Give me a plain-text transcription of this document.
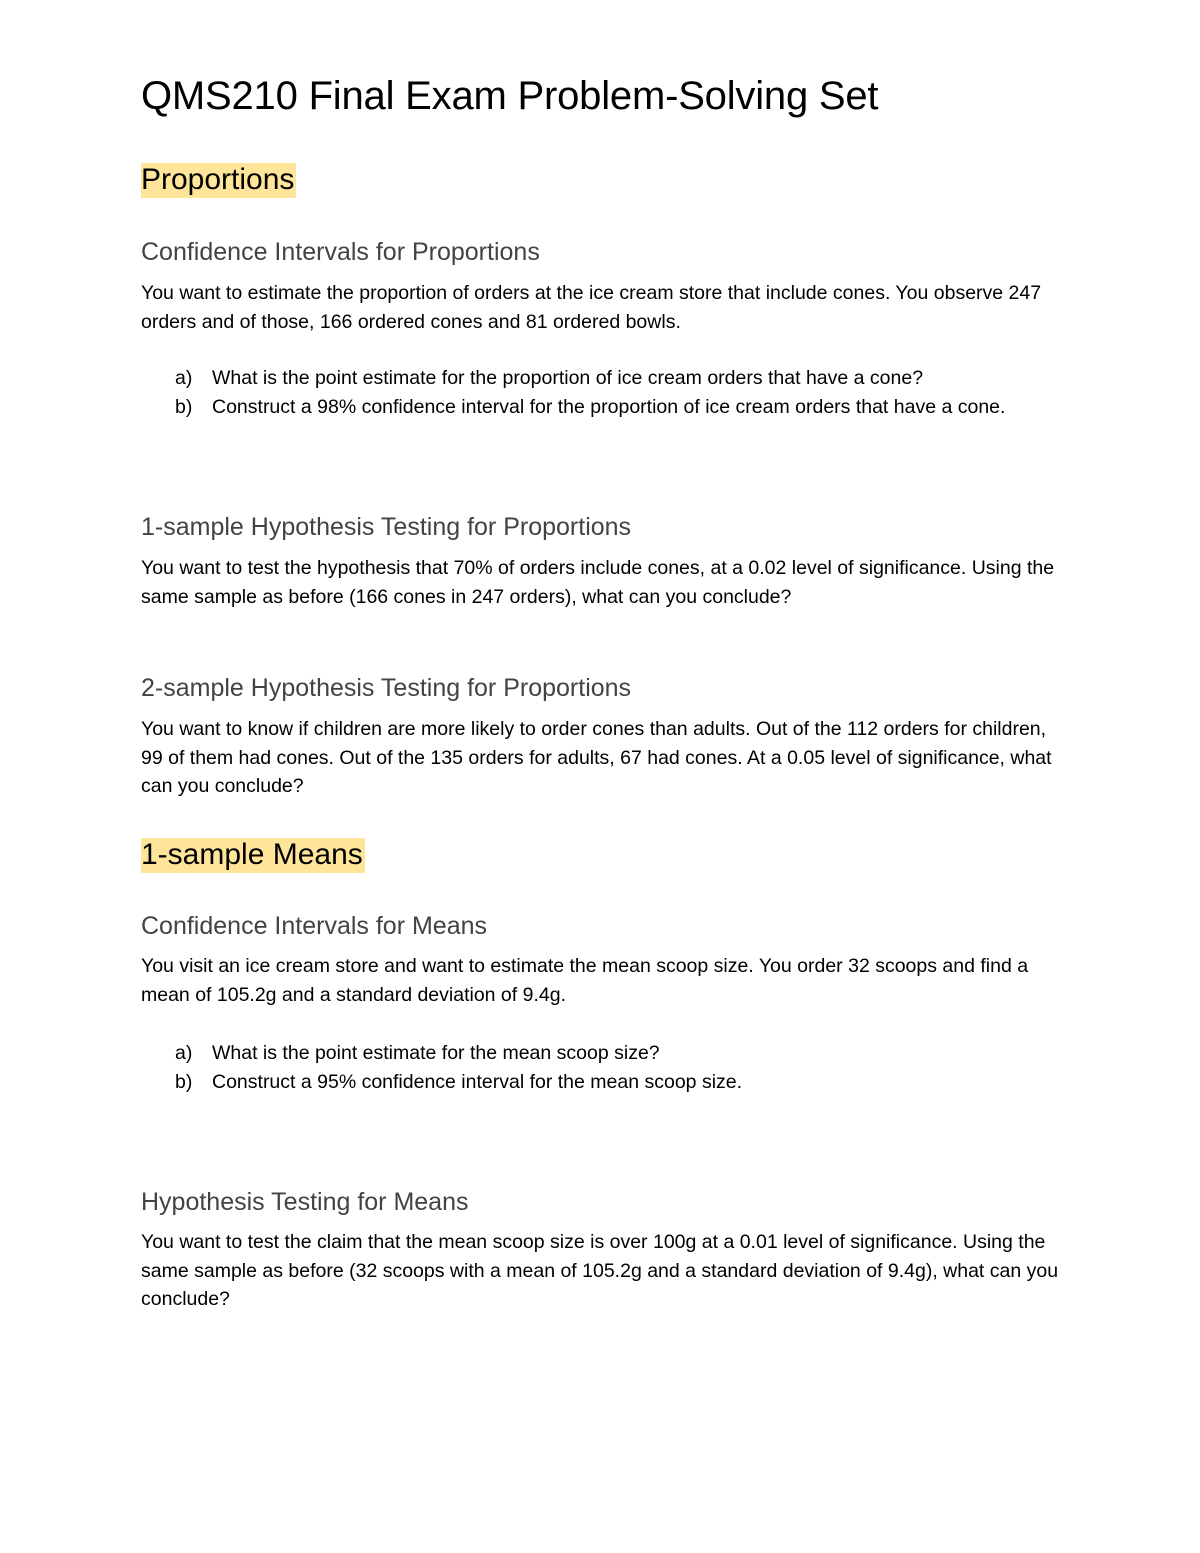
QMS210 Final Exam Problem-Solving Set
Proportions
Confidence Intervals for Proportions

You want to estimate the proportion of orders at the ice cream store that include cones. You observe 247 orders and of those, 166 ordered cones and 81 ordered bowls.

a) What is the point estimate for the proportion of ice cream orders that have a cone?
b) Construct a 98% confidence interval for the proportion of ice cream orders that have a cone.
1-sample Hypothesis Testing for Proportions

You want to test the hypothesis that 70% of orders include cones, at a 0.02 level of significance. Using the same sample as before (166 cones in 247 orders), what can you conclude?

2-sample Hypothesis Testing for Proportions

You want to know if children are more likely to order cones than adults. Out of the 112 orders for children, 99 of them had cones. Out of the 135 orders for adults, 67 had cones. At a 0.05 level of significance, what can you conclude?

1-sample Means
Confidence Intervals for Means

You visit an ice cream store and want to estimate the mean scoop size. You order 32 scoops and find a mean of 105.2g and a standard deviation of 9.4g.

a) What is the point estimate for the mean scoop size?
b) Construct a 95% confidence interval for the mean scoop size.
Hypothesis Testing for Means

You want to test the claim that the mean scoop size is over 100g at a 0.01 level of significance. Using the same sample as before (32 scoops with a mean of 105.2g and a standard deviation of 9.4g), what can you conclude?
